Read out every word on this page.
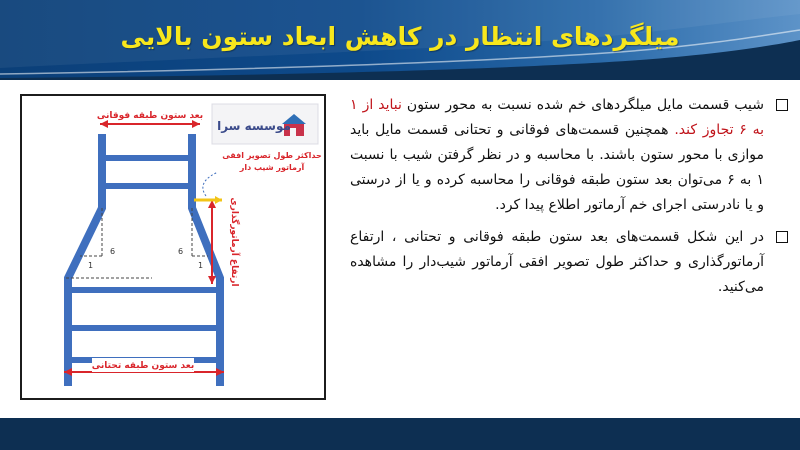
میلگردهای انتظار در کاهش ابعاد ستون بالایی
موسسه سرا
بعد ستون طبقه فوقانی
6
1
6
1	ارتفاع آرماتورگذاری
حداکثر طول تصویر افقی
آرماتور شیب دار
بعد ستون طبقه تحتانی
شیب قسمت مایل میلگردهای خم شده نسبت به محور ستون نباید از ۱ به ۶ تجاوز کند. همچنین قسمت‌های فوقانی و تحتانی قسمت مایل باید موازی با محور ستون باشند. با محاسبه و در نظر گرفتن شیب با نسبت ۱ به ۶ می‌توان بعد ستون طبقه فوقانی را محاسبه کرده و یا از درستی و یا نادرستی اجرای خم آرماتور اطلاع پیدا کرد.
در این شکل قسمت‌های بعد ستون طبقه فوقانی و تحتانی ، ارتفاع آرماتورگذاری و حداکثر طول تصویر افقی آرماتور شیب‌دار را مشاهده می‌کنید.
